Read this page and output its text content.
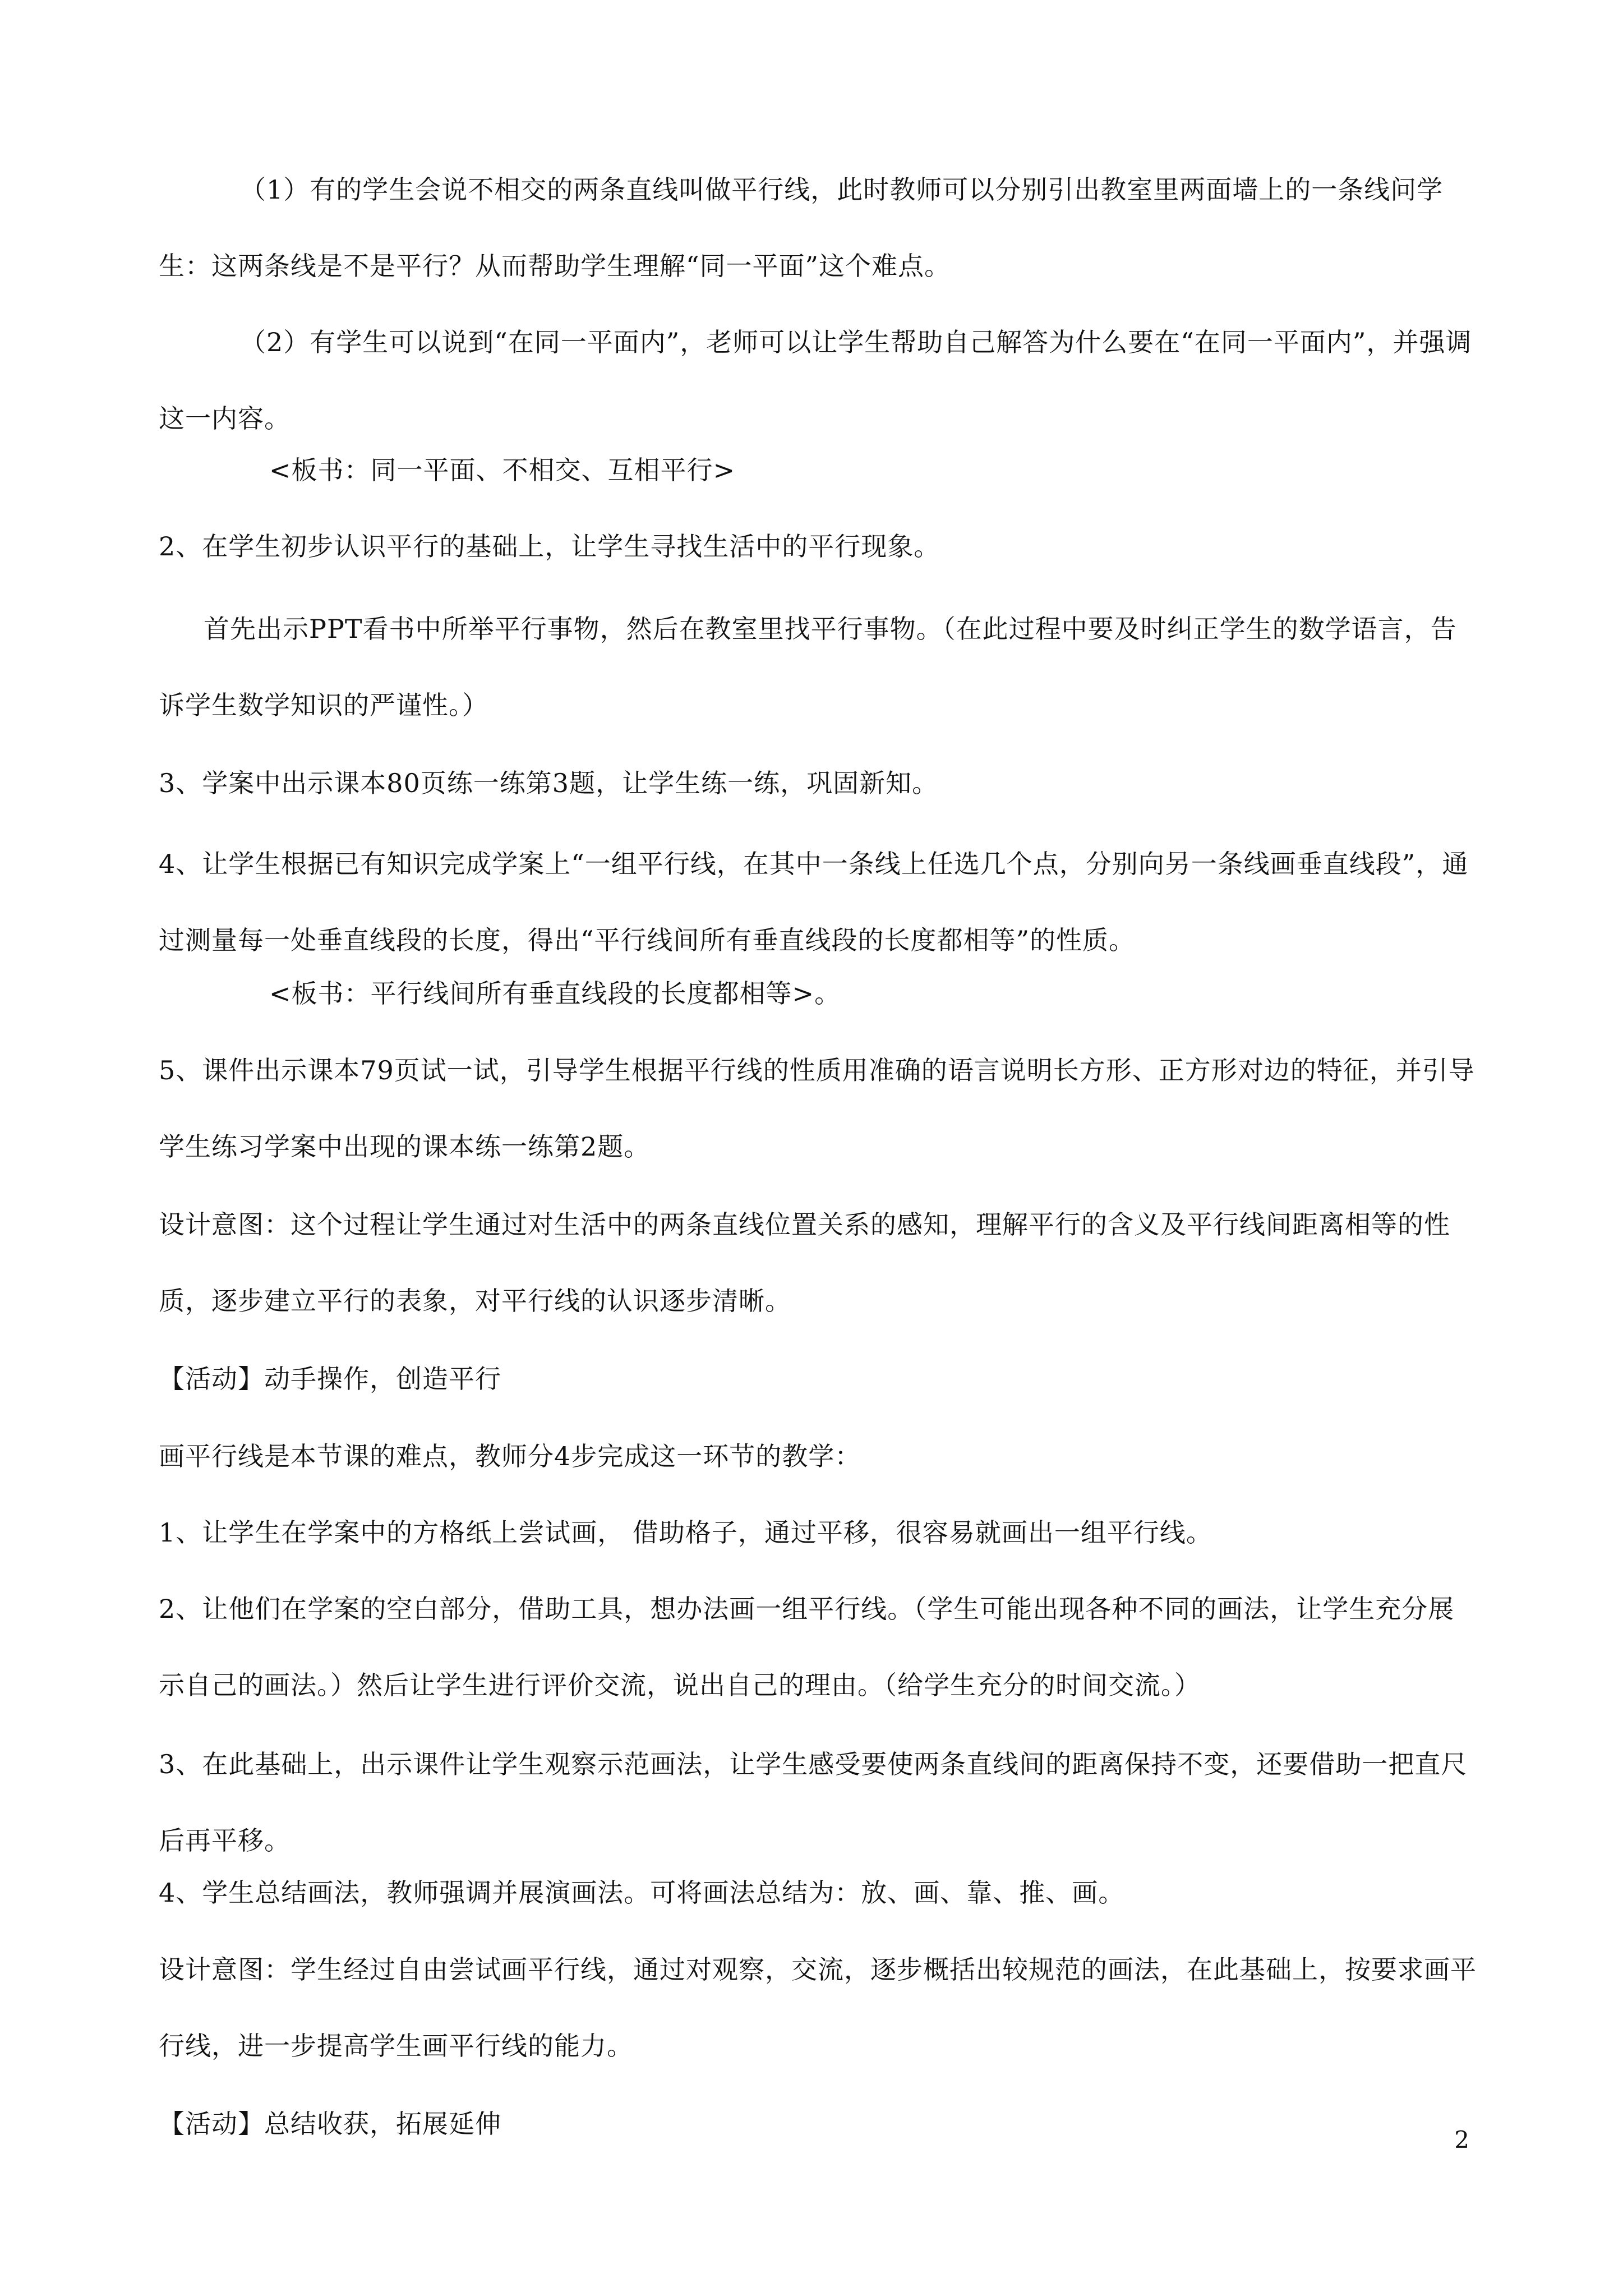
（1）有的学生会说不相交的两条直线叫做平行线，此时教师可以分别引出教室里两面墙上的一条线问学生：这两条线是不是平行？从而帮助学生理解“同一平面”这个难点。

（2）有学生可以说到“在同一平面内”，老师可以让学生帮助自己解答为什么要在“在同一平面内”，并强调这一内容。

<板书：同一平面、不相交、互相平行>

2、在学生初步认识平行的基础上，让学生寻找生活中的平行现象。

首先出示PPT看书中所举平行事物，然后在教室里找平行事物。（在此过程中要及时纠正学生的数学语言，告诉学生数学知识的严谨性。）

3、学案中出示课本80页练一练第3题，让学生练一练，巩固新知。

4、让学生根据已有知识完成学案上“一组平行线，在其中一条线上任选几个点，分别向另一条线画垂直线段”，通过测量每一处垂直线段的长度，得出“平行线间所有垂直线段的长度都相等”的性质。

<板书：平行线间所有垂直线段的长度都相等>。

5、课件出示课本79页试一试，引导学生根据平行线的性质用准确的语言说明长方形、正方形对边的特征，并引导学生练习学案中出现的课本练一练第2题。

设计意图：这个过程让学生通过对生活中的两条直线位置关系的感知，理解平行的含义及平行线间距离相等的性质，逐步建立平行的表象，对平行线的认识逐步清晰。

【活动】动手操作，创造平行

画平行线是本节课的难点，教师分4步完成这一环节的教学：

1、让学生在学案中的方格纸上尝试画， 借助格子，通过平移，很容易就画出一组平行线。

2、让他们在学案的空白部分，借助工具，想办法画一组平行线。（学生可能出现各种不同的画法，让学生充分展示自己的画法。）然后让学生进行评价交流，说出自己的理由。（给学生充分的时间交流。）

3、在此基础上，出示课件让学生观察示范画法，让学生感受要使两条直线间的距离保持不变，还要借助一把直尺后再平移。

4、学生总结画法，教师强调并展演画法。可将画法总结为：放、画、靠、推、画。

设计意图：学生经过自由尝试画平行线，通过对观察，交流，逐步概括出较规范的画法，在此基础上，按要求画平行线，进一步提高学生画平行线的能力。

【活动】总结收获，拓展延伸

2
